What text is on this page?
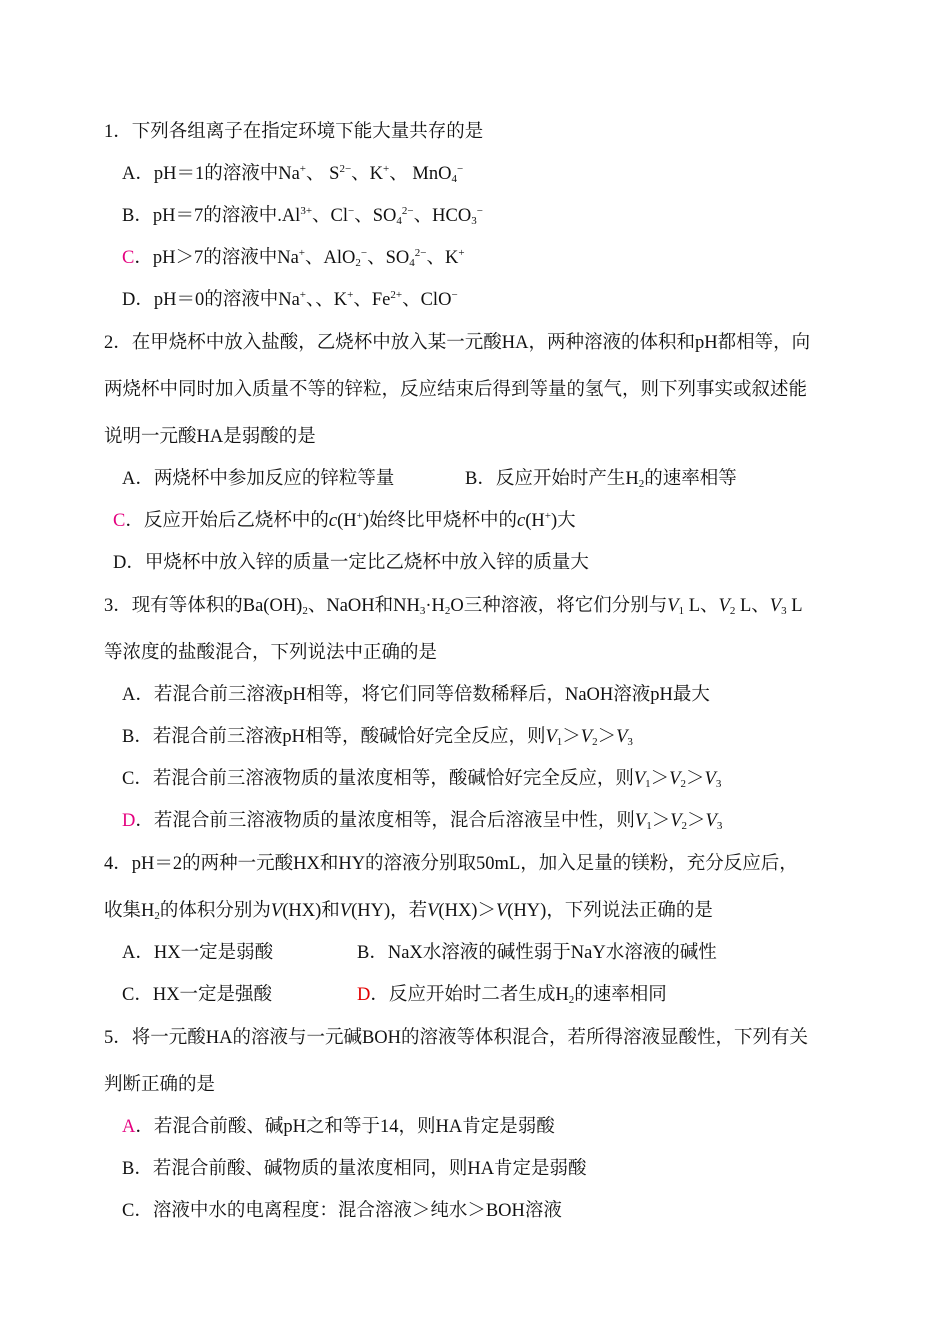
1．下列各组离子在指定环境下能大量共存的是
A．pH＝1的溶液中Na+、 $S^{2-}$、K+、 MnO$_4$−
B．pH＝7的溶液中$.Al^{3+}$、Cl−、$SO_4^{2-}$、$HCO_3^-$
C．pH＞7的溶液中Na+、AlO$_2$−、$SO_4^{2-}$、K+
D．pH＝0的溶液中Na+、、K+、$Fe^{2+}$、ClO−
2．在甲烧杯中放入盐酸，乙烧杯中放入某一元酸HA，两种溶液的体积和pH都相等，向
两烧杯中同时加入质量不等的锌粒，反应结束后得到等量的氢气，则下列事实或叙述能
说明一元酸HA是弱酸的是
A．两烧杯中参加反应的锌粒等量	B．反应开始时产生$H_2$的速率相等
C．反应开始后乙烧杯中的c(H+)始终比甲烧杯中的c(H+)大
D．甲烧杯中放入锌的质量一定比乙烧杯中放入锌的质量大
3．现有等体积的$Ba(OH)_2$、NaOH和$NH_3\cdot H_2O$三种溶液，将它们分别与$V_1$ L、$V_2$ L、$V_3$ L
等浓度的盐酸混合，下列说法中正确的是
A．若混合前三溶液pH相等，将它们同等倍数稀释后，NaOH溶液pH最大
B．若混合前三溶液pH相等，酸碱恰好完全反应，则$V_1>V_2>V_3$
C．若混合前三溶液物质的量浓度相等，酸碱恰好完全反应，则$V_1>V_2>V_3$
D．若混合前三溶液物质的量浓度相等，混合后溶液呈中性，则$V_1>V_2>V_3$
4．pH＝2的两种一元酸HX和HY的溶液分别取50mL，加入足量的镁粉，充分反应后，
收集$H_2$的体积分别为V(HX)和V(HY)，若V(HX)＞V(HY)，下列说法正确的是
A．HX一定是弱酸	B．NaX水溶液的碱性弱于NaY水溶液的碱性
C．HX一定是强酸	D．反应开始时二者生成$H_2$的速率相同
5．将一元酸HA的溶液与一元碱BOH的溶液等体积混合，若所得溶液显酸性，下列有关
判断正确的是
A．若混合前酸、碱pH之和等于14，则HA肯定是弱酸
B．若混合前酸、碱物质的量浓度相同，则HA肯定是弱酸
C．溶液中水的电离程度：混合溶液＞纯水＞BOH溶液
